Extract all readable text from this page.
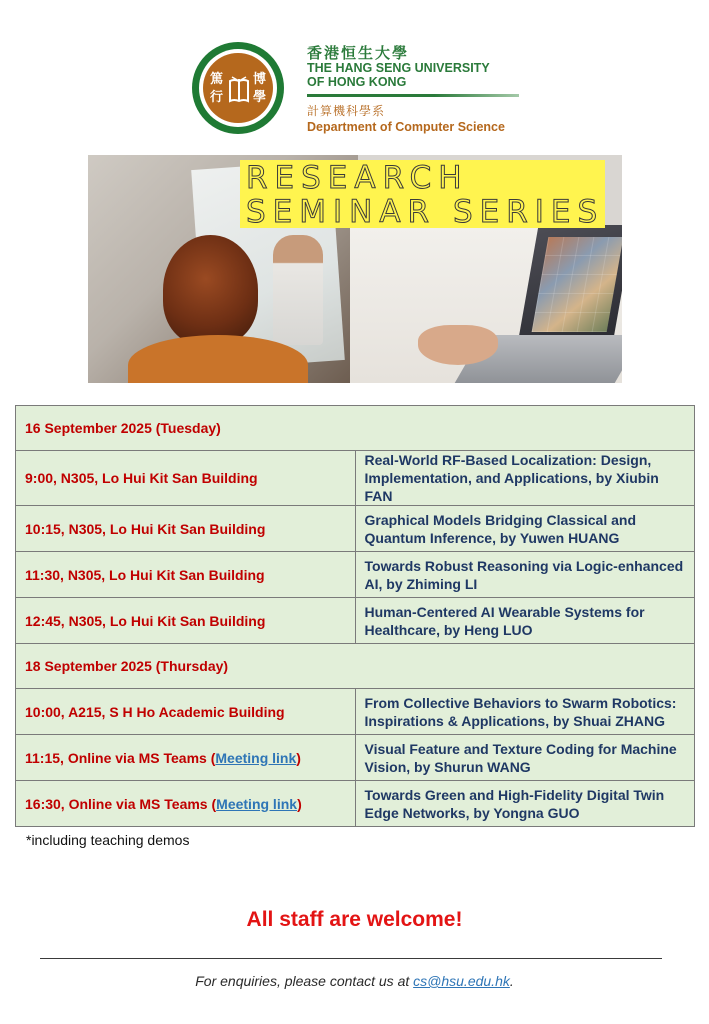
篤
行
博
學
香港恒生大學
THE HANG SENG UNIVERSITY
OF HONG KONG
計算機科學系
Department of Computer Science
RESEARCH
SEMINAR SERIES
16 September 2025 (Tuesday)	
9:00, N305, Lo Hui Kit San Building	Real-World RF-Based Localization: Design, Implementation, and Applications, by Xiubin FAN
10:15, N305, Lo Hui Kit San Building	Graphical Models Bridging Classical and Quantum Inference, by Yuwen HUANG
11:30, N305, Lo Hui Kit San Building	Towards Robust Reasoning via Logic-enhanced AI, by Zhiming LI
12:45, N305, Lo Hui Kit San Building	Human-Centered AI Wearable Systems for Healthcare, by Heng LUO
18 September 2025 (Thursday)	
10:00, A215, S H Ho Academic Building	From Collective Behaviors to Swarm Robotics: Inspirations & Applications, by Shuai ZHANG
11:15, Online via MS Teams (Meeting link)	Visual Feature and Texture Coding for Machine Vision, by Shurun WANG
16:30, Online via MS Teams (Meeting link)	Towards Green and High-Fidelity Digital Twin Edge Networks, by Yongna GUO
*including teaching demos
All staff are welcome!
For enquiries, please contact us at cs@hsu.edu.hk.
